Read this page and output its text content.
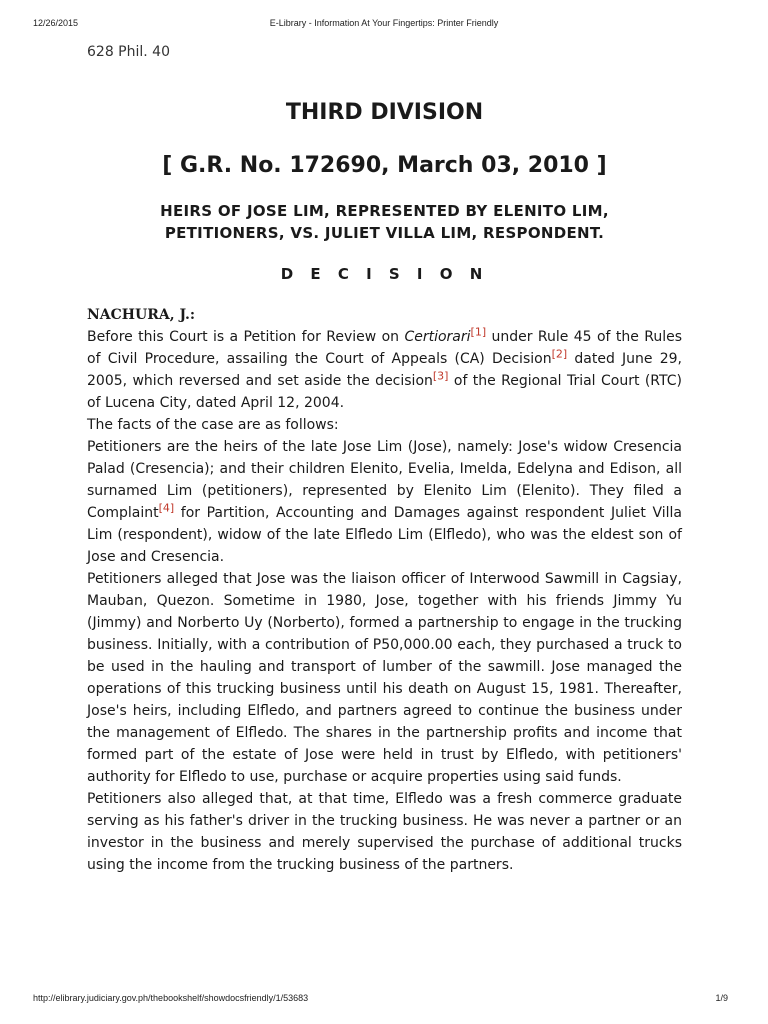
12/26/2015	E-Library - Information At Your Fingertips: Printer Friendly
628 Phil. 40
THIRD DIVISION
[ G.R. No. 172690, March 03, 2010 ]
HEIRS OF JOSE LIM, REPRESENTED BY ELENITO LIM,
PETITIONERS, VS. JULIET VILLA LIM, RESPONDENT.
D E C I S I O N
NACHURA, J.:

Before this Court is a Petition for Review on Certiorari[1] under Rule 45 of the Rules of Civil Procedure, assailing the Court of Appeals (CA) Decision[2] dated June 29, 2005, which reversed and set aside the decision[3] of the Regional Trial Court (RTC) of Lucena City, dated April 12, 2004.

The facts of the case are as follows:

Petitioners are the heirs of the late Jose Lim (Jose), namely: Jose's widow Cresencia Palad (Cresencia); and their children Elenito, Evelia, Imelda, Edelyna and Edison, all surnamed Lim (petitioners), represented by Elenito Lim (Elenito). They filed a Complaint[4] for Partition, Accounting and Damages against respondent Juliet Villa Lim (respondent), widow of the late Elfledo Lim (Elfledo), who was the eldest son of Jose and Cresencia.

Petitioners alleged that Jose was the liaison officer of Interwood Sawmill in Cagsiay, Mauban, Quezon. Sometime in 1980, Jose, together with his friends Jimmy Yu (Jimmy) and Norberto Uy (Norberto), formed a partnership to engage in the trucking business. Initially, with a contribution of P50,000.00 each, they purchased a truck to be used in the hauling and transport of lumber of the sawmill. Jose managed the operations of this trucking business until his death on August 15, 1981. Thereafter, Jose's heirs, including Elfledo, and partners agreed to continue the business under the management of Elfledo. The shares in the partnership profits and income that formed part of the estate of Jose were held in trust by Elfledo, with petitioners' authority for Elfledo to use, purchase or acquire properties using said funds.

Petitioners also alleged that, at that time, Elfledo was a fresh commerce graduate serving as his father's driver in the trucking business. He was never a partner or an investor in the business and merely supervised the purchase of additional trucks using the income from the trucking business of the partners.

http://elibrary.judiciary.gov.ph/thebookshelf/showdocsfriendly/1/53683	1/9
